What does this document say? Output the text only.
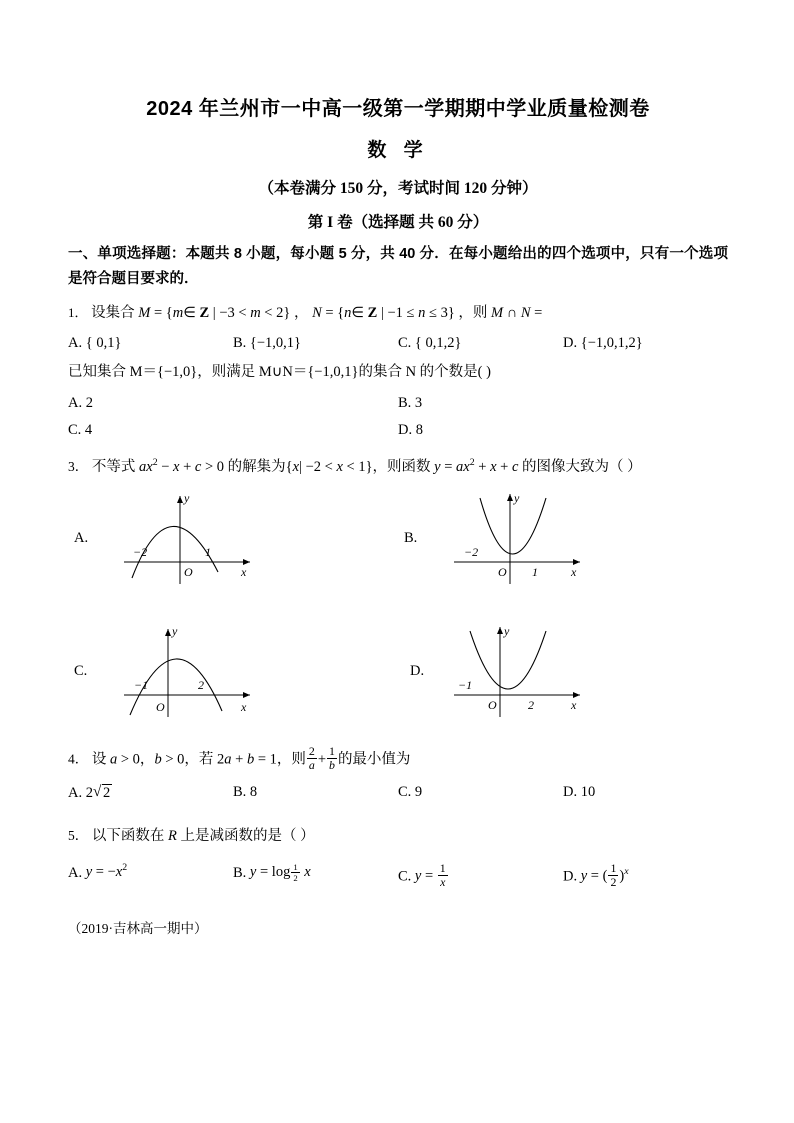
2024 年兰州市一中高一级第一学期期中学业质量检测卷
数 学
（本卷满分 150 分，考试时间 120 分钟）
第 I 卷（选择题 共 60 分）
一、单项选择题：本题共 8 小题，每小题 5 分，共 40 分．在每小题给出的四个选项中，只有一个选项是符合题目要求的．
1． 设集合 M = {m∈ Z | −3 < m < 2} ， N = {n∈ Z | −1 ≤ n ≤ 3} ，则 M ∩ N =
A. { 0,1}	B. {−1,0,1}	C. { 0,1,2}	D. {−1,0,1,2}
已知集合 M＝{−1,0}，则满足 M∪N＝{−1,0,1}的集合 N 的个数是( )
A. 2	B. 3
C. 4	D. 8
3． 不等式 $ax^2 - x + c > 0$ 的解集为{x| −2 < x < 1}，则函数 $y = ax^2 + x + c$ 的图像大致为（ ）
A.
y
x
O
−2	1
B.
y
x
O
−2
1
C.
y
x
O
−1	2
D.
y
x
O
−1
2
4． 设 a > 0，b > 0，若 2a + b = 1，则 $\frac{2}{a} + \frac{1}{b}$ 的最小值为
A. 2 √ 2	B. 8	C. 9	D. 10
5． 以下函数在 R 上是减函数的是（ ）
A. $y = -x^2$	B. $y = \log \frac{1}{2}$ x	C. $y = \frac{1}{x}$	D. y = ( $\frac{1}{2} )^x$
（2019·吉林高一期中）
